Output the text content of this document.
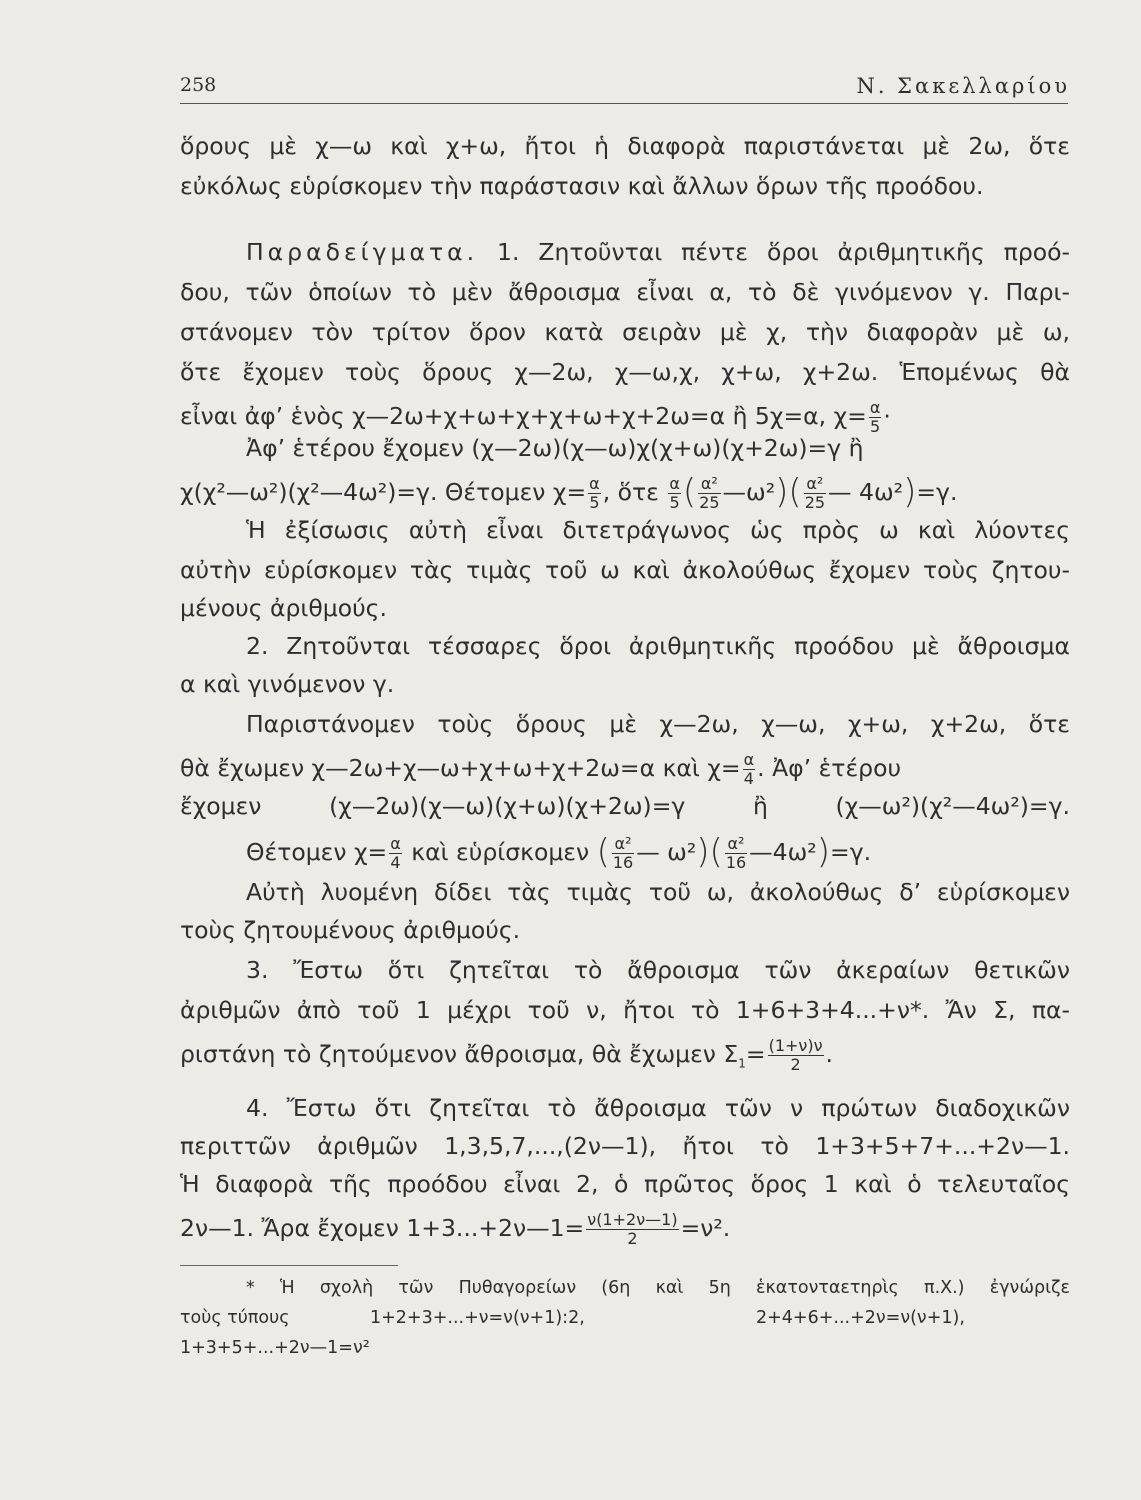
258	Ν. Σακελλαρίου
ὅρους μὲ χ—ω καὶ χ+ω, ἤτοι ἡ διαφορὰ παριστάνεται μὲ 2ω, ὅτε
εὐκόλως εὑρίσκομεν τὴν παράστασιν καὶ ἄλλων ὅρων τῆς προόδου.
Παραδείγματα. 1. Ζητοῦνται πέντε ὅροι ἀριθμητικῆς προό-
δου, τῶν ὁποίων τὸ μὲν ἄθροισμα εἶναι α, τὸ δὲ γινόμενον γ. Παρι-
στάνομεν τὸν τρίτον ὅρον κατὰ σειρὰν μὲ χ, τὴν διαφορὰν μὲ ω,
ὅτε ἔχομεν τοὺς ὅρους χ—2ω, χ—ω,χ, χ+ω, χ+2ω. Ἑπομένως θὰ
εἶναι ἀφ’ ἑνὸς χ—2ω+χ+ω+χ+χ+ω+χ+2ω=α ἢ 5χ=α, $\chi= \frac{\alpha}{5}$ ·
Ἀφ’ ἑτέρου ἔχομεν (χ—2ω)(χ—ω)χ(χ+ω)(χ+2ω)=γ ἢ
χ(χ²—ω²)(χ²—4ω²)=γ. Θέτομεν $\chi= \frac{\alpha}{5}$ , ὅτε $\frac{\alpha}{5}$ ( $\frac{\text{α²}}{25}$ —ω²)( $\frac{\text{α²}}{25}$ — 4ω²)=γ.
Ἡ ἐξίσωσις αὐτὴ εἶναι διτετράγωνος ὡς πρὸς ω καὶ λύοντες
αὐτὴν εὑρίσκομεν τὰς τιμὰς τοῦ ω καὶ ἀκολούθως ἔχομεν τοὺς ζητου-
μένους ἀριθμούς.
2. Ζητοῦνται τέσσαρες ὅροι ἀριθμητικῆς προόδου μὲ ἄθροισμα
α καὶ γινόμενον γ.
Παριστάνομεν τοὺς ὅρους μὲ χ—2ω, χ—ω, χ+ω, χ+2ω, ὅτε
θὰ ἔχωμεν χ—2ω+χ—ω+χ+ω+χ+2ω=α καὶ $\chi= \frac{\alpha}{4}$ . Ἀφ’ ἑτέρου
ἔχομεν (χ—2ω)(χ—ω)(χ+ω)(χ+2ω)=γ ἢ (χ—ω²)(χ²—4ω²)=γ.
Θέτομεν $\chi= \frac{\alpha}{4}$ καὶ εὑρίσκομεν ( $\frac{\text{α²}}{16}$ — $\omega^2)( \frac{\text{α²}}{16}$ —4ω²)=γ.
Αὐτὴ λυομένη δίδει τὰς τιμὰς τοῦ ω, ἀκολούθως δ’ εὑρίσκομεν
τοὺς ζητουμένους ἀριθμούς.
3. Ἔστω ὅτι ζητεῖται τὸ ἄθροισμα τῶν ἀκεραίων θετικῶν
ἀριθμῶν ἀπὸ τοῦ 1 μέχρι τοῦ ν, ἤτοι τὸ 1+6+3+4...+ν*. Ἄν Σ, πα-
ριστάνη τὸ ζητούμενον ἄθροισμα, θὰ ἔχωμεν $\Sigma_1= \frac{(1+\nu)\nu}{2}$ .
4. Ἔστω ὅτι ζητεῖται τὸ ἄθροισμα τῶν ν πρώτων διαδοχικῶν
περιττῶν ἀριθμῶν 1,3,5,7,...,(2ν—1), ἤτοι τὸ 1+3+5+7+...+2ν—1.
Ἡ διαφορὰ τῆς προόδου εἶναι 2, ὁ πρῶτος ὅρος 1 καὶ ὁ τελευταῖος
2ν—1. Ἄρα ἔχομεν 1+3...+2ν—1= $\frac{\nu(1+2\nu—1)}{2} =\nu^2$.
* Ἡ σχολὴ τῶν Πυθαγορείων (6η καὶ 5η ἑκατονταετηρὶς π.Χ.) ἐγνώριζε
τοὺς τύπους	1+2+3+...+ν=ν(ν+1):2,	2+4+6+...+2ν=ν(ν+1),
1+3+5+...+2ν—1=ν²
